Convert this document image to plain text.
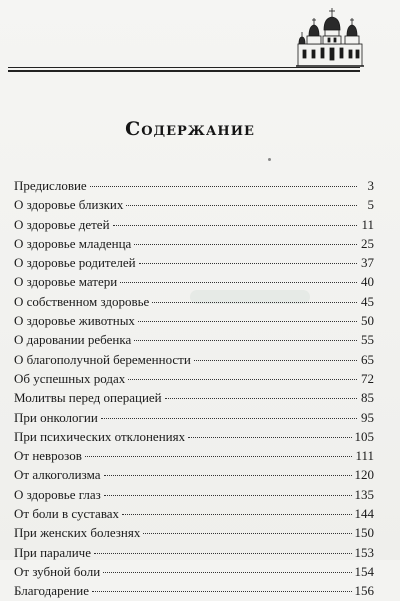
Содержание
Предисловие	3
О здоровье близких	5
О здоровье детей	11
О здоровье младенца	25
О здоровье родителей	37
О здоровье матери	40
О собственном здоровье	45
О здоровье животных	50
О даровании ребенка	55
О благополучной беременности	65
Об успешных родах	72
Молитвы перед операцией	85
При онкологии	95
При психических отклонениях	105
От неврозов	111
От алкоголизма	120
О здоровье глаз	135
От боли в суставах	144
При женских болезнях	150
При параличе	153
От зубной боли	154
Благодарение	156
